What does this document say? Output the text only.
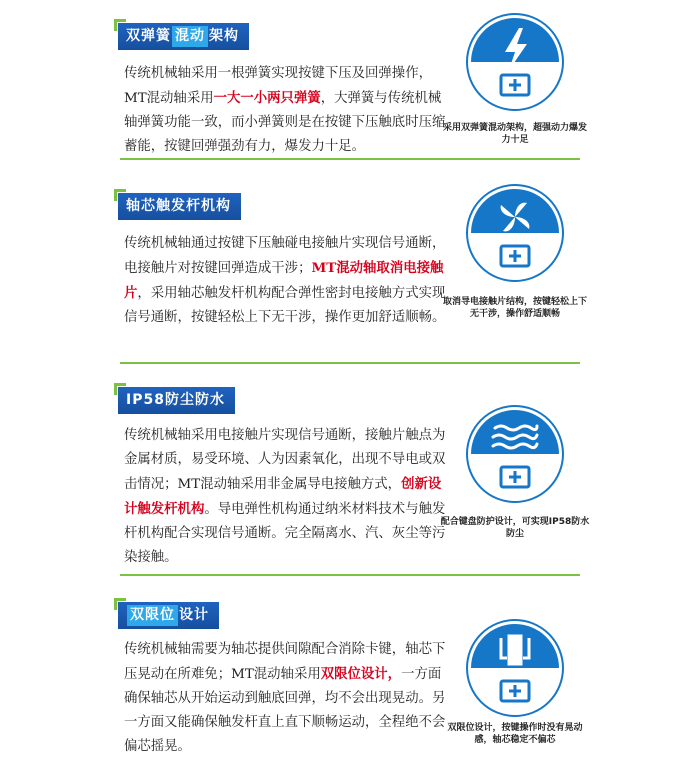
双弹簧 混动 架构
传统机械轴采用一根弹簧实现按键下压及回弹操作，MT混动轴采用一大一小两只弹簧，大弹簧与传统机械轴弹簧功能一致，而小弹簧则是在按键下压触底时压缩蓄能，按键回弹强劲有力，爆发力十足。
采用双弹簧混动架构，超强动力爆发力十足
轴芯触发杆机构
传统机械轴通过按键下压触碰电接触片实现信号通断，电接触片对按键回弹造成干涉；MT混动轴取消电接触片，采用轴芯触发杆机构配合弹性密封电接触方式实现信号通断，按键轻松上下无干涉，操作更加舒适顺畅。
取消导电接触片结构，按键轻松上下无干涉，操作舒适顺畅
IP58防尘防水
传统机械轴采用电接触片实现信号通断，接触片触点为金属材质，易受环境、人为因素氧化，出现不导电或双击情况；MT混动轴采用非金属导电接触方式，创新设计触发杆机构。导电弹性机构通过纳米材料技术与触发杆机构配合实现信号通断。完全隔离水、汽、灰尘等污染接触。
配合键盘防护设计，可实现IP58防水防尘
双限位 设计
传统机械轴需要为轴芯提供间隙配合消除卡键，轴芯下压晃动在所难免；MT混动轴采用双限位设计，一方面确保轴芯从开始运动到触底回弹，均不会出现晃动。另一方面又能确保触发杆直上直下顺畅运动，全程绝不会偏芯摇晃。
双限位设计，按键操作时没有晃动感，轴芯稳定不偏芯
